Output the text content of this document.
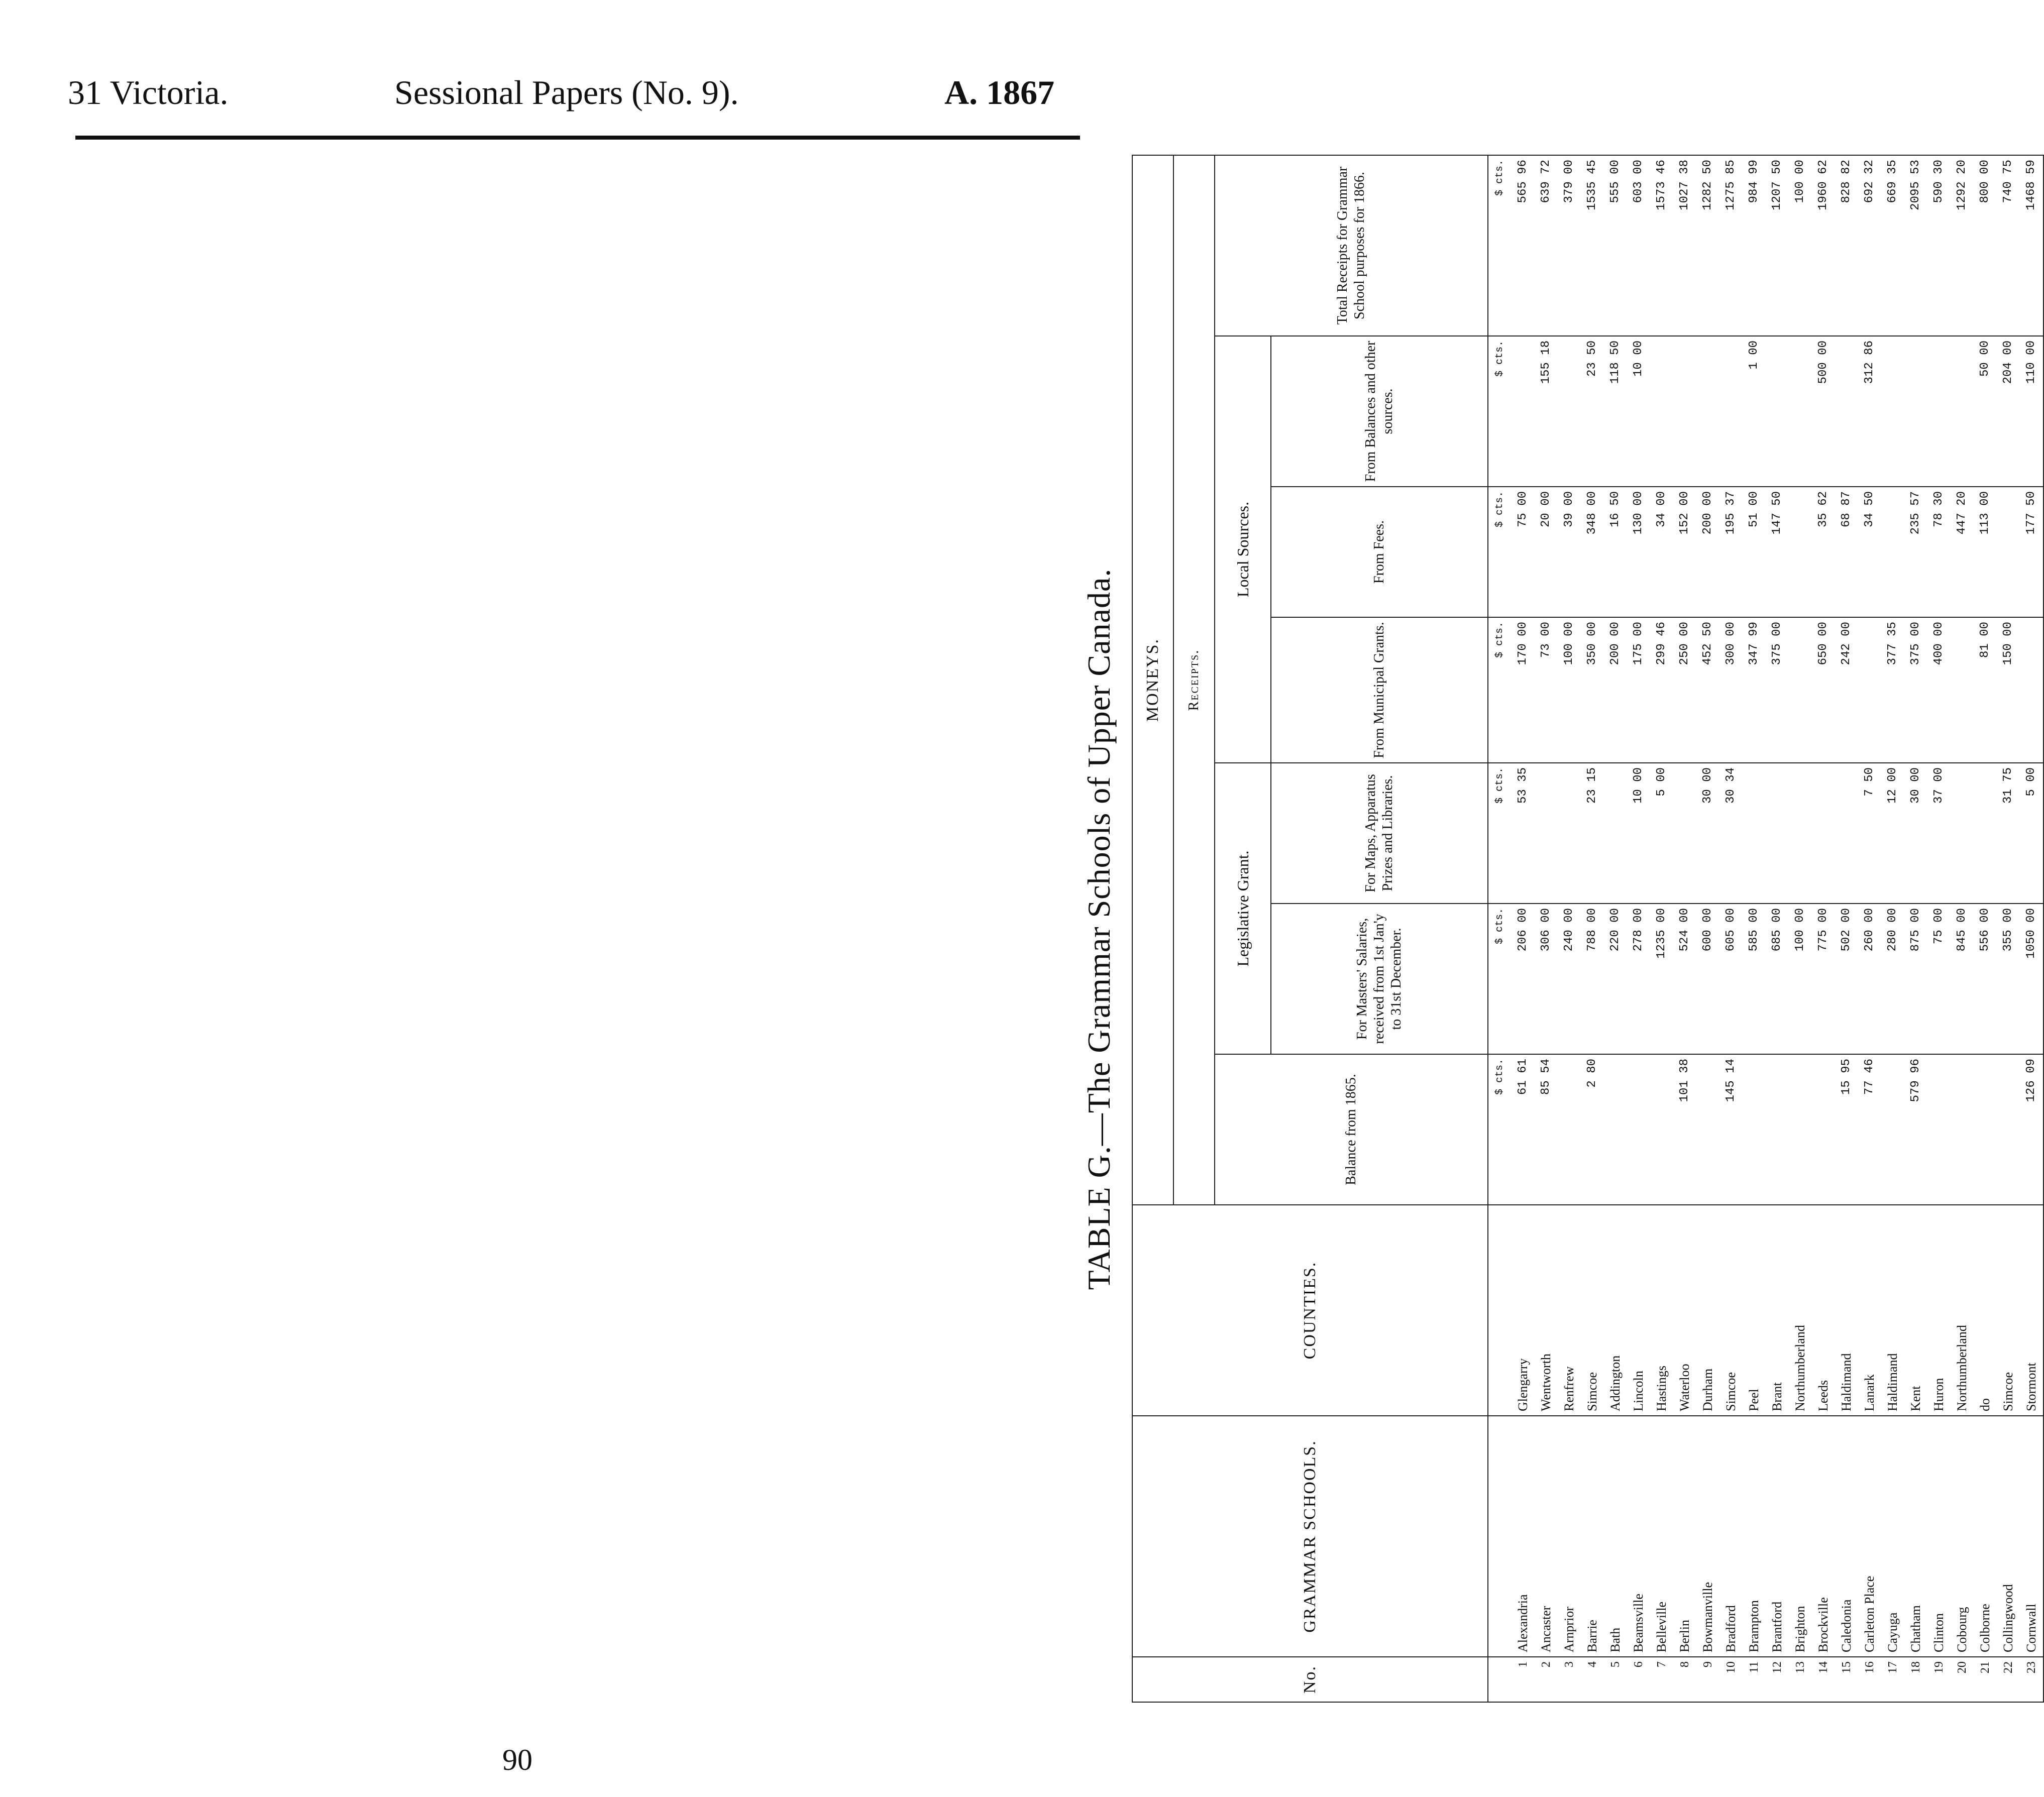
31 Victoria.	Sessional Papers (No. 9).	A. 1867
TABLE G.—The Grammar Schools of Upper Canada.
No.	GRAMMAR SCHOOLS.	COUNTIES.	MONEYS.						
			Receipts.						
			Balance from 1865.	Legislative Grant.		Local Sources.			Total Receipts for Grammar School purposes for 1866.
				For Masters' Salaries, received from 1st Jan'y to 31st December.	For Maps, Apparatus Prizes and Libraries.	From Municipal Grants.	From Fees.	From Balances and other sources.	
			$ cts.	$ cts.	$ cts.	$ cts.	$ cts.	$ cts.	$ cts.
1	Alexandria	Glengarry	61 61	206 00	53 35	170 00	75 00		565 96
2	Ancaster	Wentworth	85 54	306 00		73 00	20 00	155 18	639 72
3	Arnprior	Renfrew		240 00		100 00	39 00		379 00
4	Barrie	Simcoe	2 80	788 00	23 15	350 00	348 00	23 50	1535 45
5	Bath	Addington		220 00		200 00	16 50	118 50	555 00
6	Beamsville	Lincoln		278 00	10 00	175 00	130 00	10 00	603 00
7	Belleville	Hastings		1235 00	5 00	299 46	34 00		1573 46
8	Berlin	Waterloo	101 38	524 00		250 00	152 00		1027 38
9	Bowmanville	Durham		600 00	30 00	452 50	200 00		1282 50
10	Bradford	Simcoe	145 14	605 00	30 34	300 00	195 37		1275 85
11	Brampton	Peel		585 00		347 99	51 00	1 00	984 99
12	Brantford	Brant		685 00		375 00	147 50		1207 50
13	Brighton	Northumberland		100 00					100 00
14	Brockville	Leeds		775 00		650 00	35 62	500 00	1960 62
15	Caledonia	Haldimand	15 95	502 00		242 00	68 87		828 82
16	Carleton Place	Lanark	77 46	260 00	7 50		34 50	312 86	692 32
17	Cayuga	Haldimand		280 00	12 00	377 35			669 35
18	Chatham	Kent	579 96	875 00	30 00	375 00	235 57		2095 53
19	Clinton	Huron		75 00	37 00	400 00	78 30		590 30
20	Cobourg	Northumberland		845 00			447 20		1292 20
21	Colborne	do		556 00		81 00	113 00	50 00	800 00
22	Collingwood	Simcoe		355 00	31 75	150 00		204 00	740 75
23	Cornwall	Stormont	126 09	1050 00	5 00		177 50	110 00	1468 59
90
